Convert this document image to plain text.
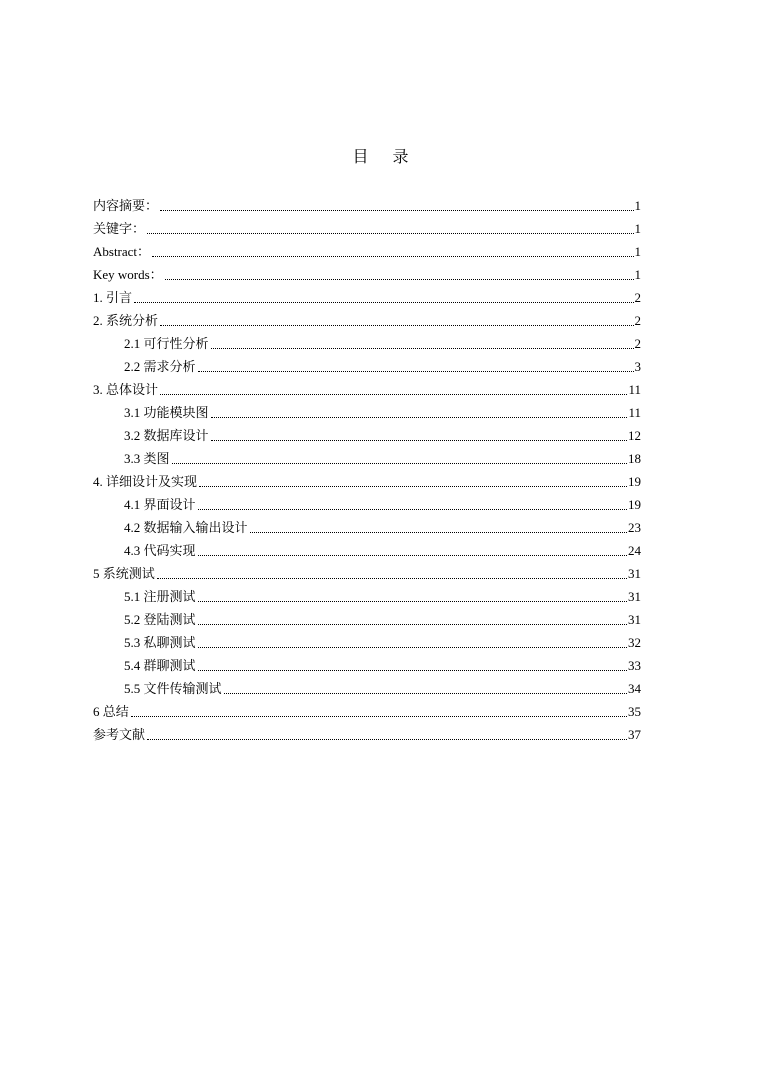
目 录
内容摘要：	1
关键字：	1
Abstract：	1
Key words：	1
1. 引言	2
2. 系统分析	2
2.1 可行性分析	2
2.2 需求分析	3
3. 总体设计	11
3.1 功能模块图	11
3.2 数据库设计	12
3.3 类图	18
4. 详细设计及实现	19
4.1 界面设计	19
4.2 数据输入输出设计	23
4.3 代码实现	24
5 系统测试	31
5.1 注册测试	31
5.2 登陆测试	31
5.3 私聊测试	32
5.4 群聊测试	33
5.5 文件传输测试	34
6 总结	35
参考文献	37
